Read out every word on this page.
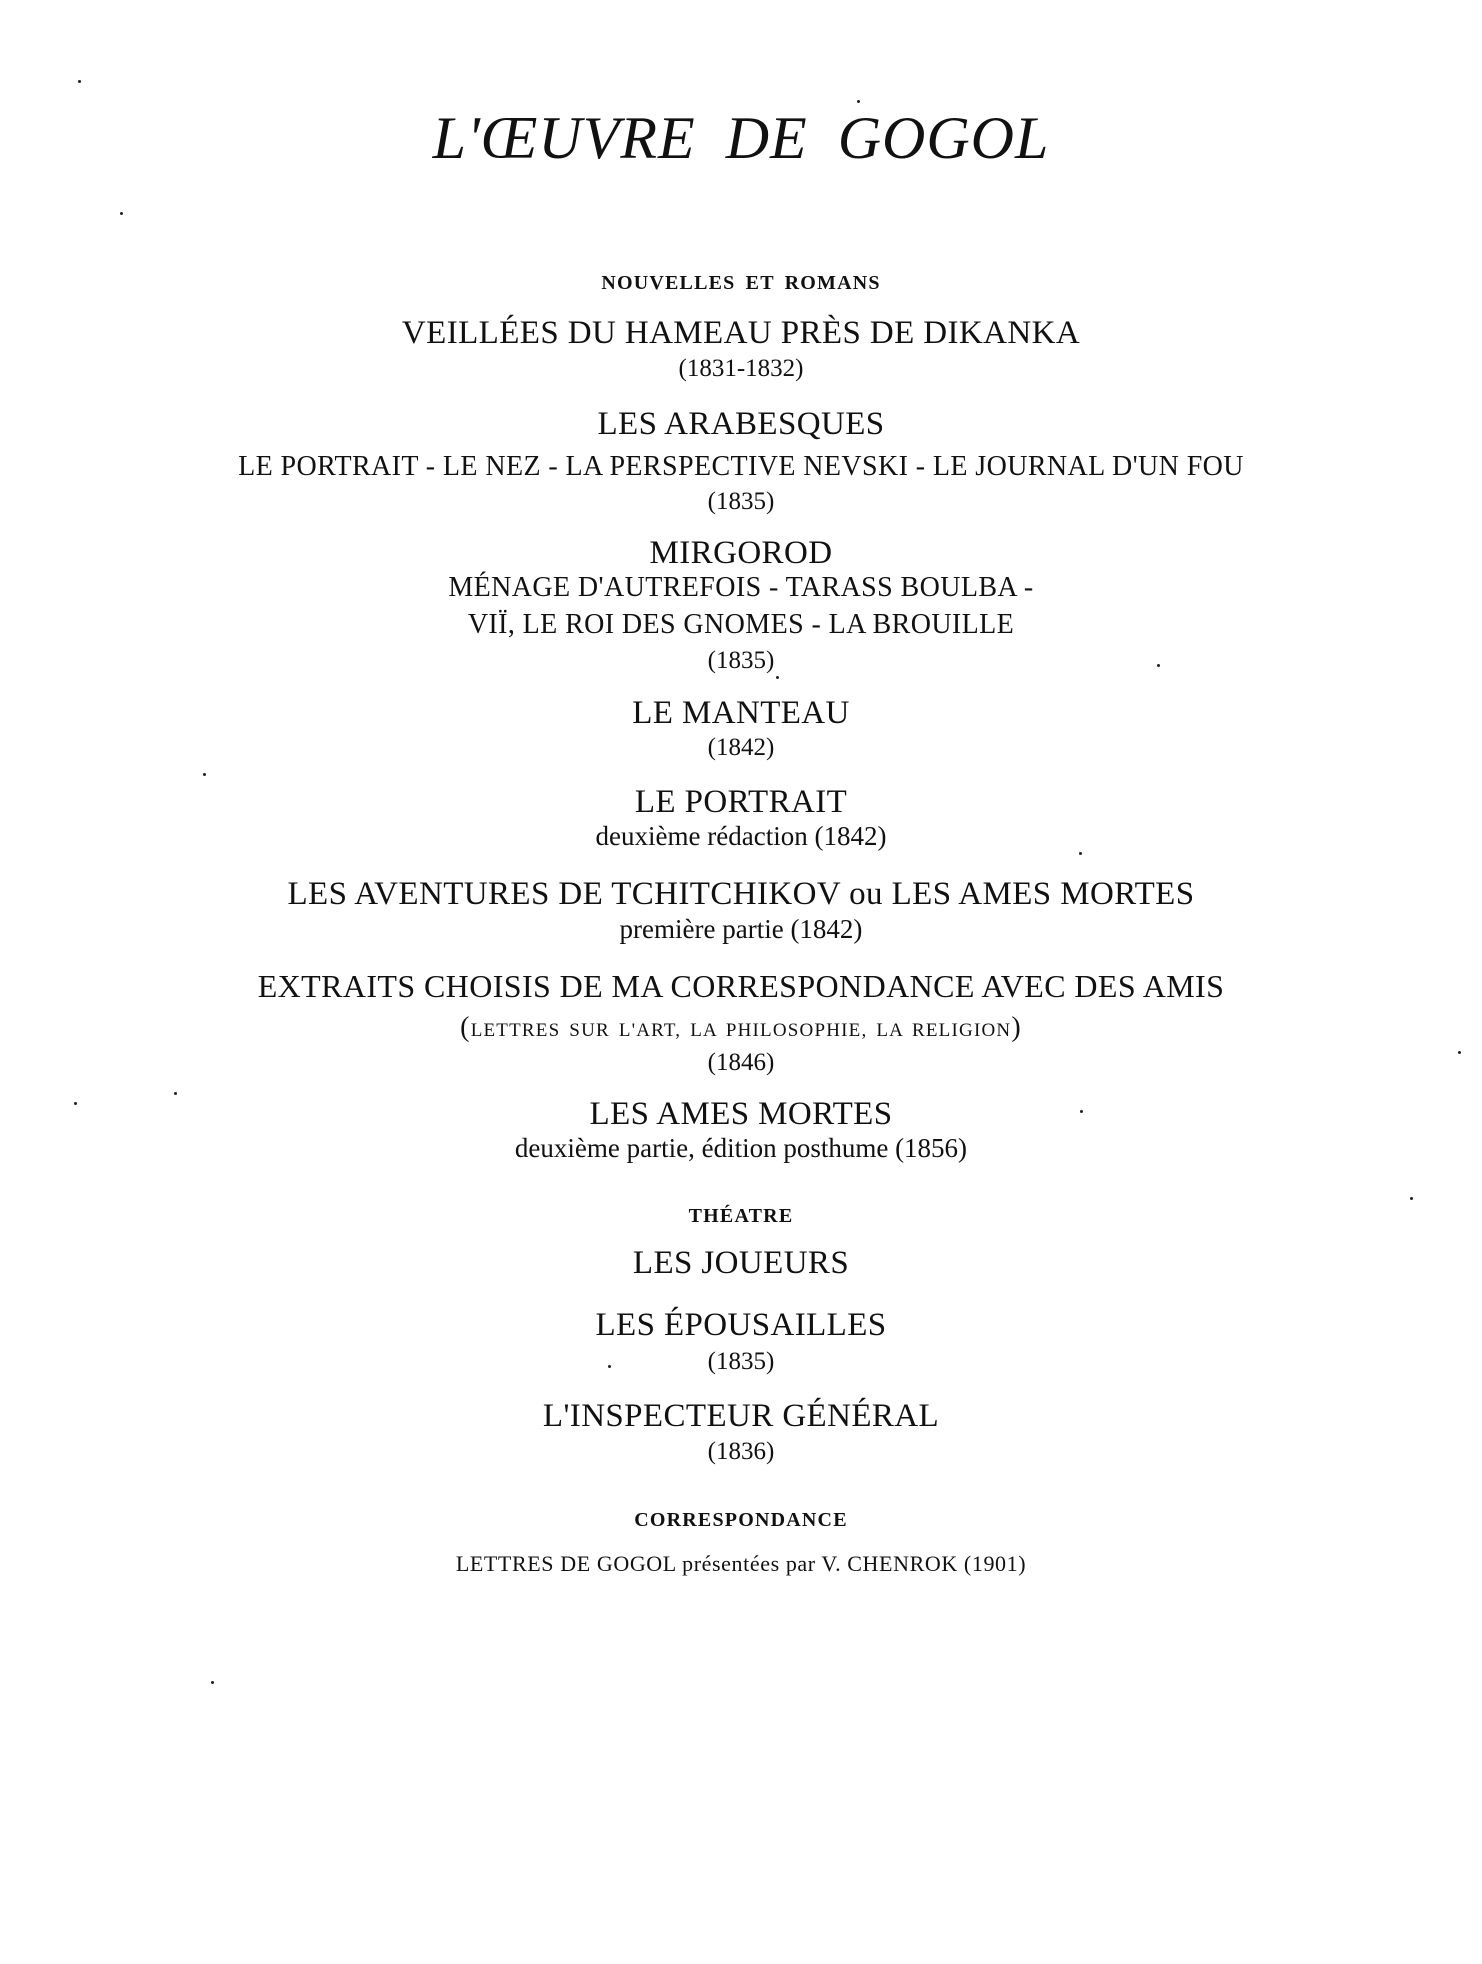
L'ŒUVRE DE GOGOL
NOUVELLES ET ROMANS
VEILLÉES DU HAMEAU PRÈS DE DIKANKA
(1831-1832)
LES ARABESQUES
LE PORTRAIT - LE NEZ - LA PERSPECTIVE NEVSKI - LE JOURNAL D'UN FOU
(1835)
MIRGOROD
MÉNAGE D'AUTREFOIS - TARASS BOULBA -
VIÏ, LE ROI DES GNOMES - LA BROUILLE
(1835)
LE MANTEAU
(1842)
LE PORTRAIT
deuxième rédaction (1842)
LES AVENTURES DE TCHITCHIKOV ou LES AMES MORTES
première partie (1842)
EXTRAITS CHOISIS DE MA CORRESPONDANCE AVEC DES AMIS
(LETTRES SUR L'ART, LA PHILOSOPHIE, LA RELIGION)
(1846)
LES AMES MORTES
deuxième partie, édition posthume (1856)
THÉATRE
LES JOUEURS
LES ÉPOUSAILLES
(1835)
L'INSPECTEUR GÉNÉRAL
(1836)
CORRESPONDANCE
LETTRES DE GOGOL présentées par V. CHENROK (1901)
